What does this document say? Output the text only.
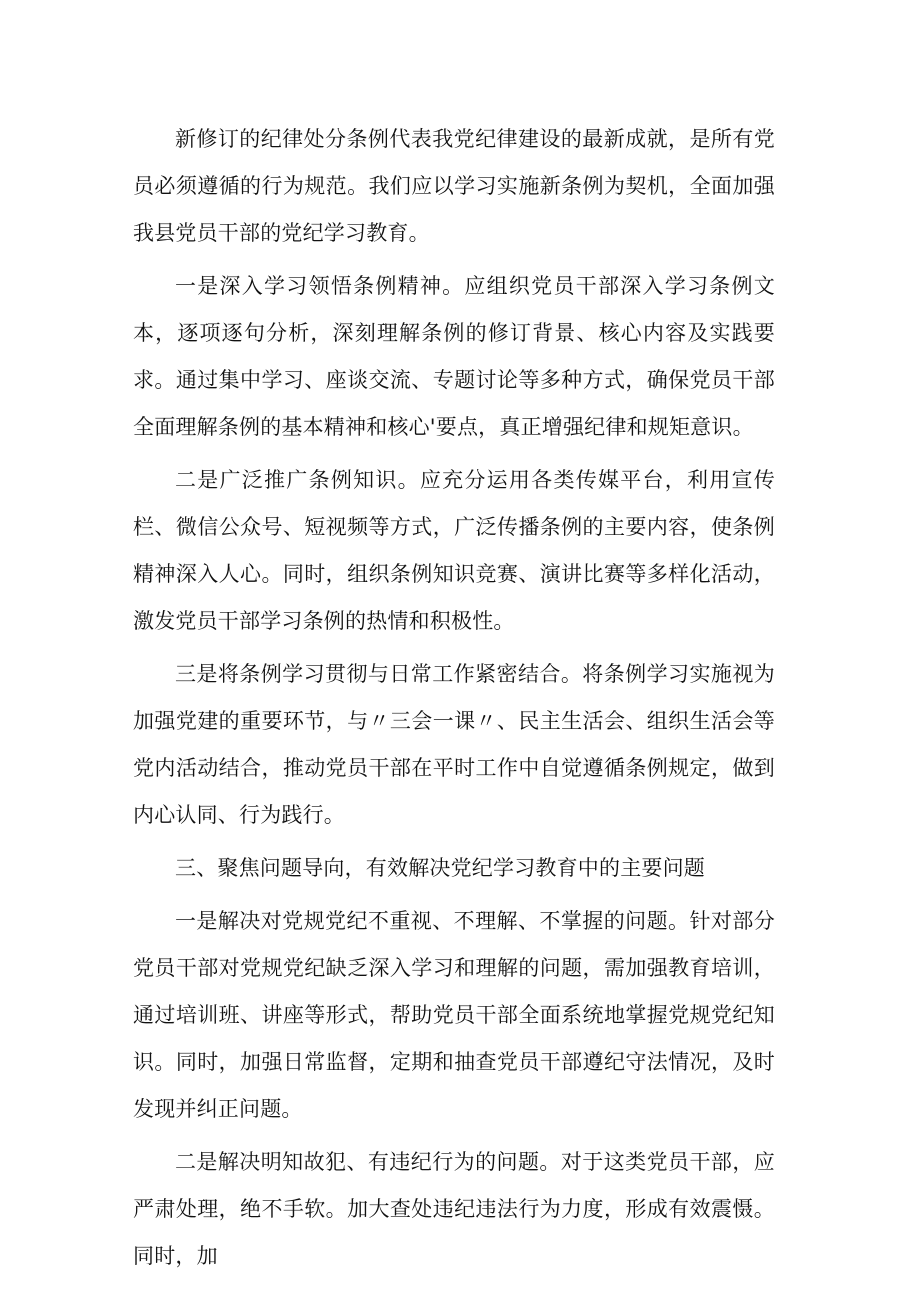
新修订的纪律处分条例代表我党纪律建设的最新成就，是所有党员必须遵循的行为规范。我们应以学习实施新条例为契机，全面加强我县党员干部的党纪学习教育。

一是深入学习领悟条例精神。应组织党员干部深入学习条例文本，逐项逐句分析，深刻理解条例的修订背景、核心内容及实践要求。通过集中学习、座谈交流、专题讨论等多种方式，确保党员干部全面理解条例的基本精神和核心'要点，真正增强纪律和规矩意识。

二是广泛推广条例知识。应充分运用各类传媒平台，利用宣传栏、微信公众号、短视频等方式，广泛传播条例的主要内容，使条例精神深入人心。同时，组织条例知识竞赛、演讲比赛等多样化活动，激发党员干部学习条例的热情和积极性。

三是将条例学习贯彻与日常工作紧密结合。将条例学习实施视为加强党建的重要环节，与〃三会一课〃、民主生活会、组织生活会等党内活动结合，推动党员干部在平时工作中自觉遵循条例规定，做到内心认同、行为践行。

三、聚焦问题导向，有效解决党纪学习教育中的主要问题

一是解决对党规党纪不重视、不理解、不掌握的问题。针对部分党员干部对党规党纪缺乏深入学习和理解的问题，需加强教育培训，通过培训班、讲座等形式，帮助党员干部全面系统地掌握党规党纪知识。同时，加强日常监督，定期和抽查党员干部遵纪守法情况，及时发现并纠正问题。

二是解决明知故犯、有违纪行为的问题。对于这类党员干部，应严肃处理，绝不手软。加大查处违纪违法行为力度，形成有效震慑。同时，加
